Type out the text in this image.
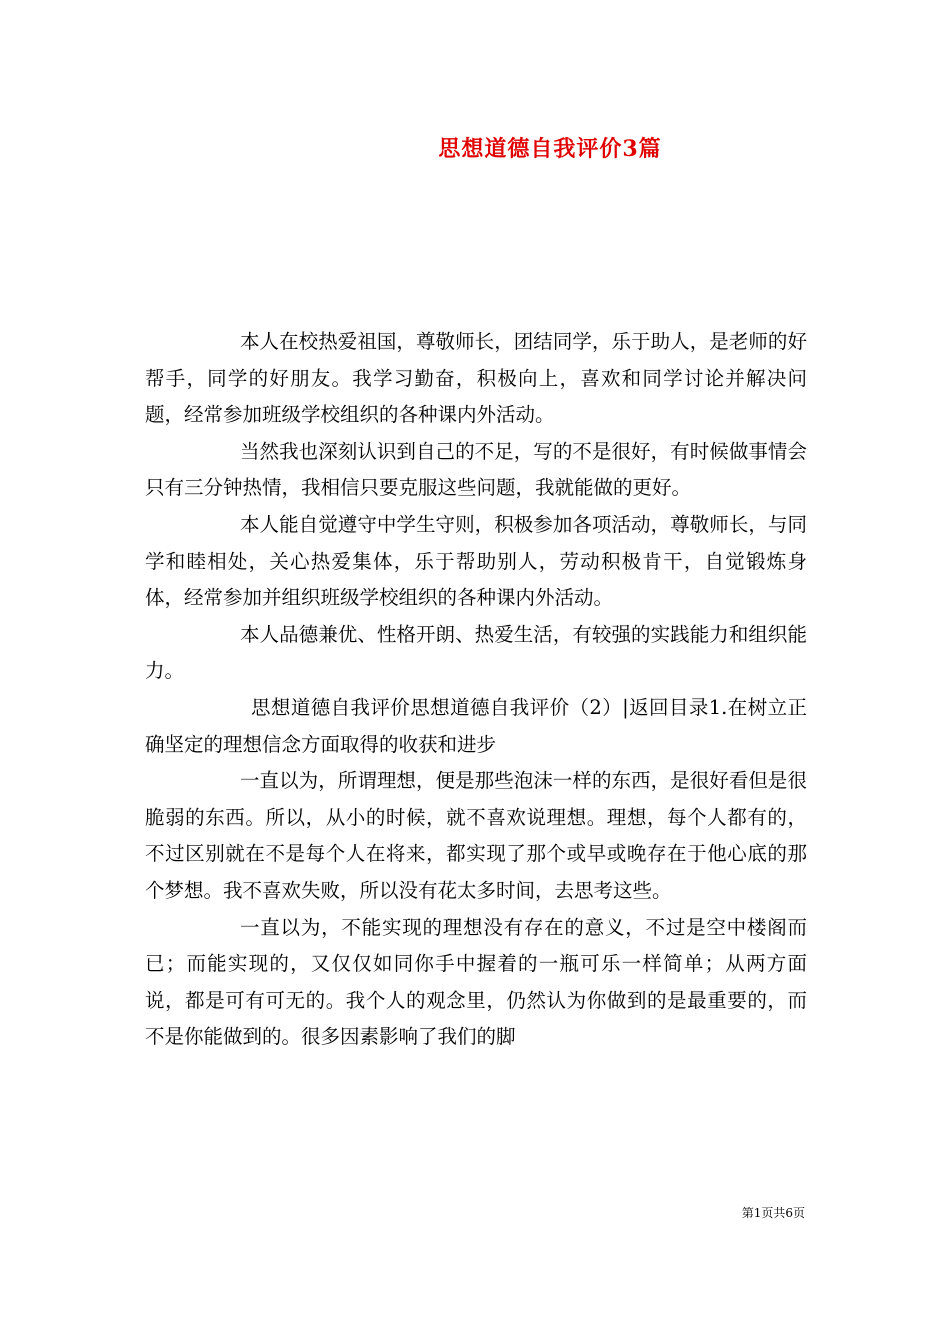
思想道德自我评价3篇

本人在校热爱祖国，尊敬师长，团结同学，乐于助人，是老师的好帮手，同学的好朋友。我学习勤奋，积极向上，喜欢和同学讨论并解决问题，经常参加班级学校组织的各种课内外活动。

当然我也深刻认识到自己的不足，写的不是很好，有时候做事情会只有三分钟热情，我相信只要克服这些问题，我就能做的更好。

本人能自觉遵守中学生守则，积极参加各项活动，尊敬师长，与同学和睦相处，关心热爱集体，乐于帮助别人，劳动积极肯干，自觉锻炼身体，经常参加并组织班级学校组织的各种课内外活动。

本人品德兼优、性格开朗、热爱生活，有较强的实践能力和组织能力。

思想道德自我评价思想道德自我评价（2）|返回目录1.在树立正确坚定的理想信念方面取得的收获和进步

一直以为，所谓理想，便是那些泡沫一样的东西，是很好看但是很脆弱的东西。所以，从小的时候，就不喜欢说理想。理想，每个人都有的，不过区别就在不是每个人在将来，都实现了那个或早或晚存在于他心底的那个梦想。我不喜欢失败，所以没有花太多时间，去思考这些。

一直以为，不能实现的理想没有存在的意义，不过是空中楼阁而已；而能实现的，又仅仅如同你手中握着的一瓶可乐一样简单；从两方面说，都是可有可无的。我个人的观念里，仍然认为你做到的是最重要的，而不是你能做到的。很多因素影响了我们的脚

第1页共6页
